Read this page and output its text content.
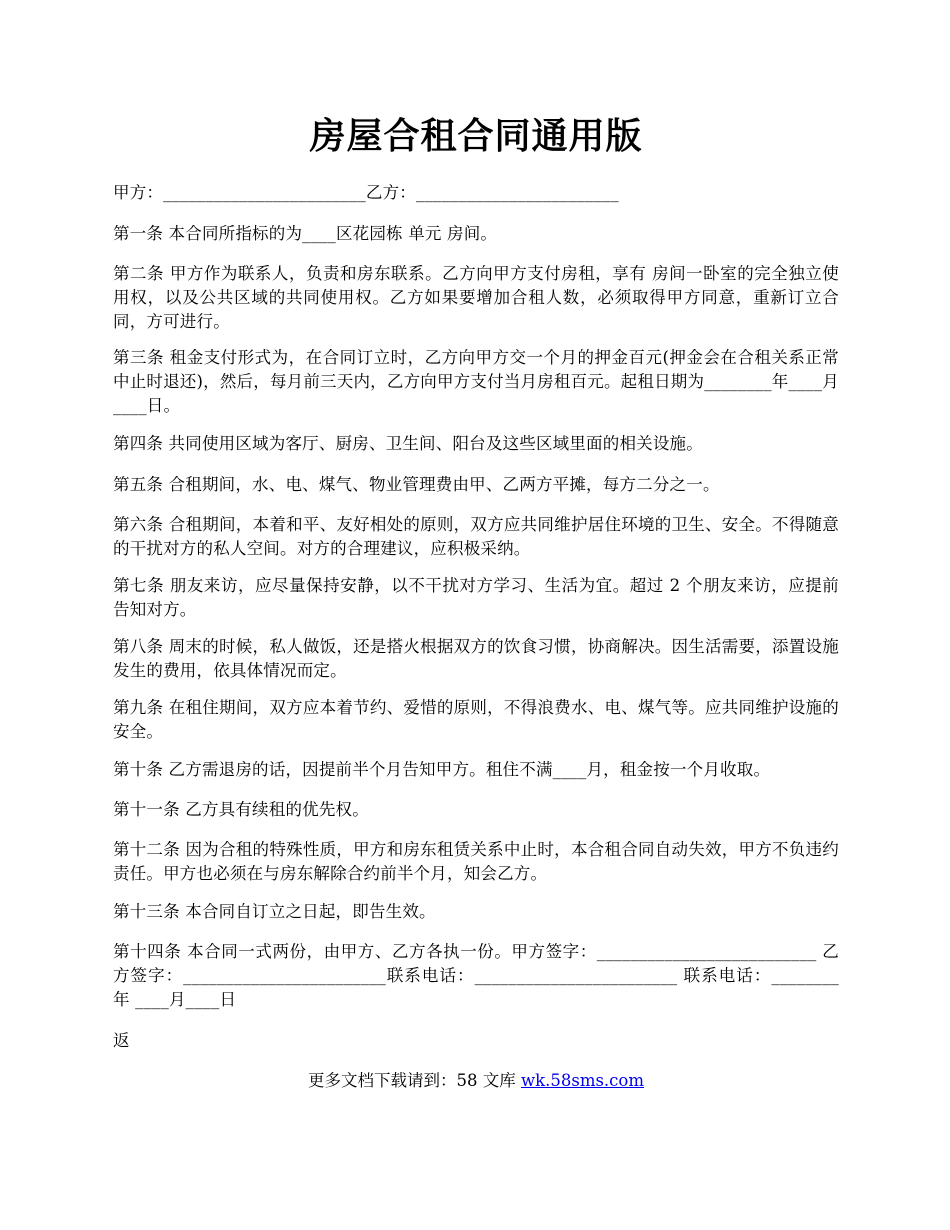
房屋合租合同通用版
甲方：________________________乙方：________________________
第一条 本合同所指标的为____区花园栋 单元 房间。
第二条 甲方作为联系人，负责和房东联系。乙方向甲方支付房租，享有 房间一卧室的完全独立使用权，以及公共区域的共同使用权。乙方如果要增加合租人数，必须取得甲方同意，重新订立合同，方可进行。
第三条 租金支付形式为，在合同订立时，乙方向甲方交一个月的押金百元(押金会在合租关系正常中止时退还)，然后，每月前三天内，乙方向甲方支付当月房租百元。起租日期为________年____月____日。
第四条 共同使用区域为客厅、厨房、卫生间、阳台及这些区域里面的相关设施。
第五条 合租期间，水、电、煤气、物业管理费由甲、乙两方平摊，每方二分之一。
第六条 合租期间，本着和平、友好相处的原则，双方应共同维护居住环境的卫生、安全。不得随意的干扰对方的私人空间。对方的合理建议，应积极采纳。
第七条 朋友来访，应尽量保持安静，以不干扰对方学习、生活为宜。超过 2 个朋友来访，应提前告知对方。
第八条 周末的时候，私人做饭，还是搭火根据双方的饮食习惯，协商解决。因生活需要，添置设施发生的费用，依具体情况而定。
第九条 在租住期间，双方应本着节约、爱惜的原则，不得浪费水、电、煤气等。应共同维护设施的安全。
第十条 乙方需退房的话，因提前半个月告知甲方。租住不满____月，租金按一个月收取。
第十一条 乙方具有续租的优先权。
第十二条 因为合租的特殊性质，甲方和房东租赁关系中止时，本合租合同自动失效，甲方不负违约责任。甲方也必须在与房东解除合约前半个月，知会乙方。
第十三条 本合同自订立之日起，即告生效。
第十四条 本合同一式两份，由甲方、乙方各执一份。甲方签字：__________________________ 乙方签字：________________________联系电话：________________________ 联系电话：________年 ____月____日
返
更多文档下载请到：58 文库 wk.58sms.com
